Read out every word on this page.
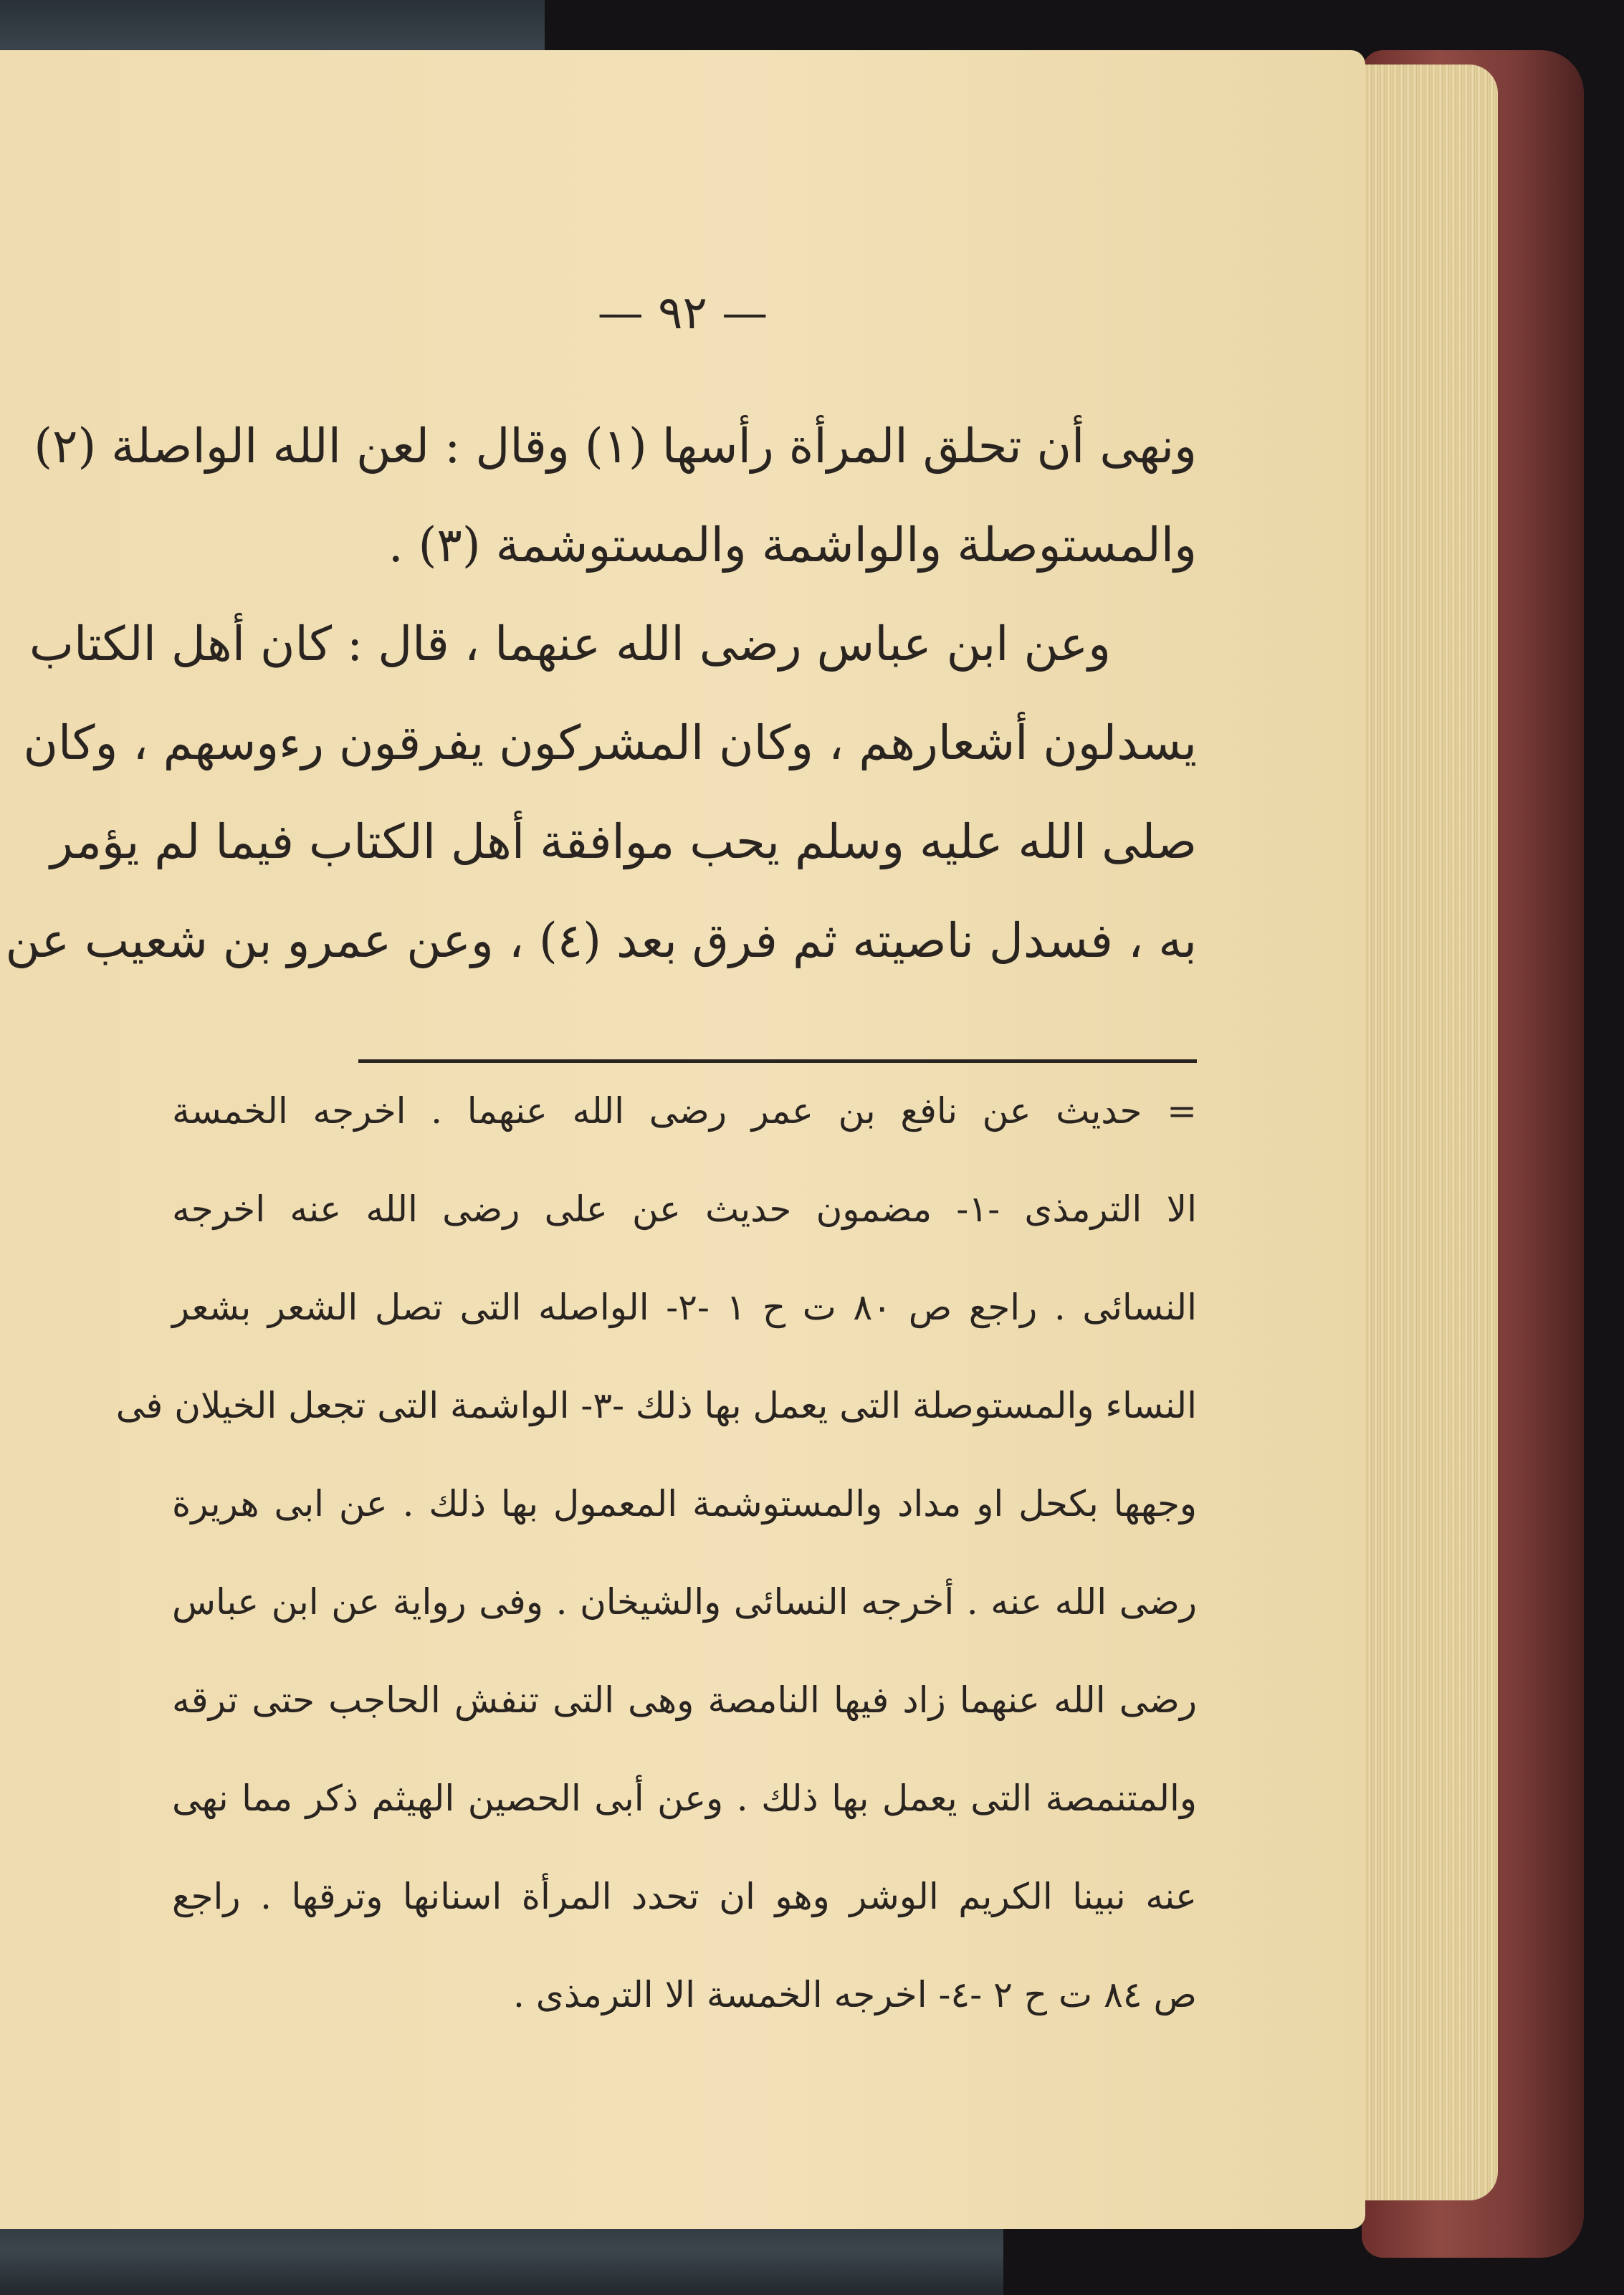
— ٩٢ —
ونهى أن تحلق المرأة رأسها (١) وقال : لعن الله الواصلة (٢)
والمستوصلة والواشمة والمستوشمة (٣) .
وعن ابن عباس رضى الله عنهما ، قال : كان أهل الكتاب
يسدلون أشعارهم ، وكان المشركون يفرقون رءوسهم ، وكان
صلى الله عليه وسلم يحب موافقة أهل الكتاب فيما لم يؤمر
به ، فسدل ناصيته ثم فرق بعد (٤) ، وعن عمرو بن شعيب عن
= حديث عن نافع بن عمر رضى الله عنهما . اخرجه الخمسة
الا الترمذى -١- مضمون حديث عن على رضى الله عنه اخرجه
النسائى . راجع ص ٨٠ ت ح ١ -٢- الواصله التى تصل الشعر بشعر
النساء والمستوصلة التى يعمل بها ذلك -٣- الواشمة التى تجعل الخيلان فى
وجهها بكحل او مداد والمستوشمة المعمول بها ذلك . عن ابى هريرة
رضى الله عنه . أخرجه النسائى والشيخان . وفى رواية عن ابن عباس
رضى الله عنهما زاد فيها النامصة وهى التى تنفش الحاجب حتى ترقه
والمتنمصة التى يعمل بها ذلك . وعن أبى الحصين الهيثم ذكر مما نهى
عنه نبينا الكريم الوشر وهو ان تحدد المرأة اسنانها وترقها . راجع
ص ٨٤ ت ح ٢ -٤- اخرجه الخمسة الا الترمذى .
